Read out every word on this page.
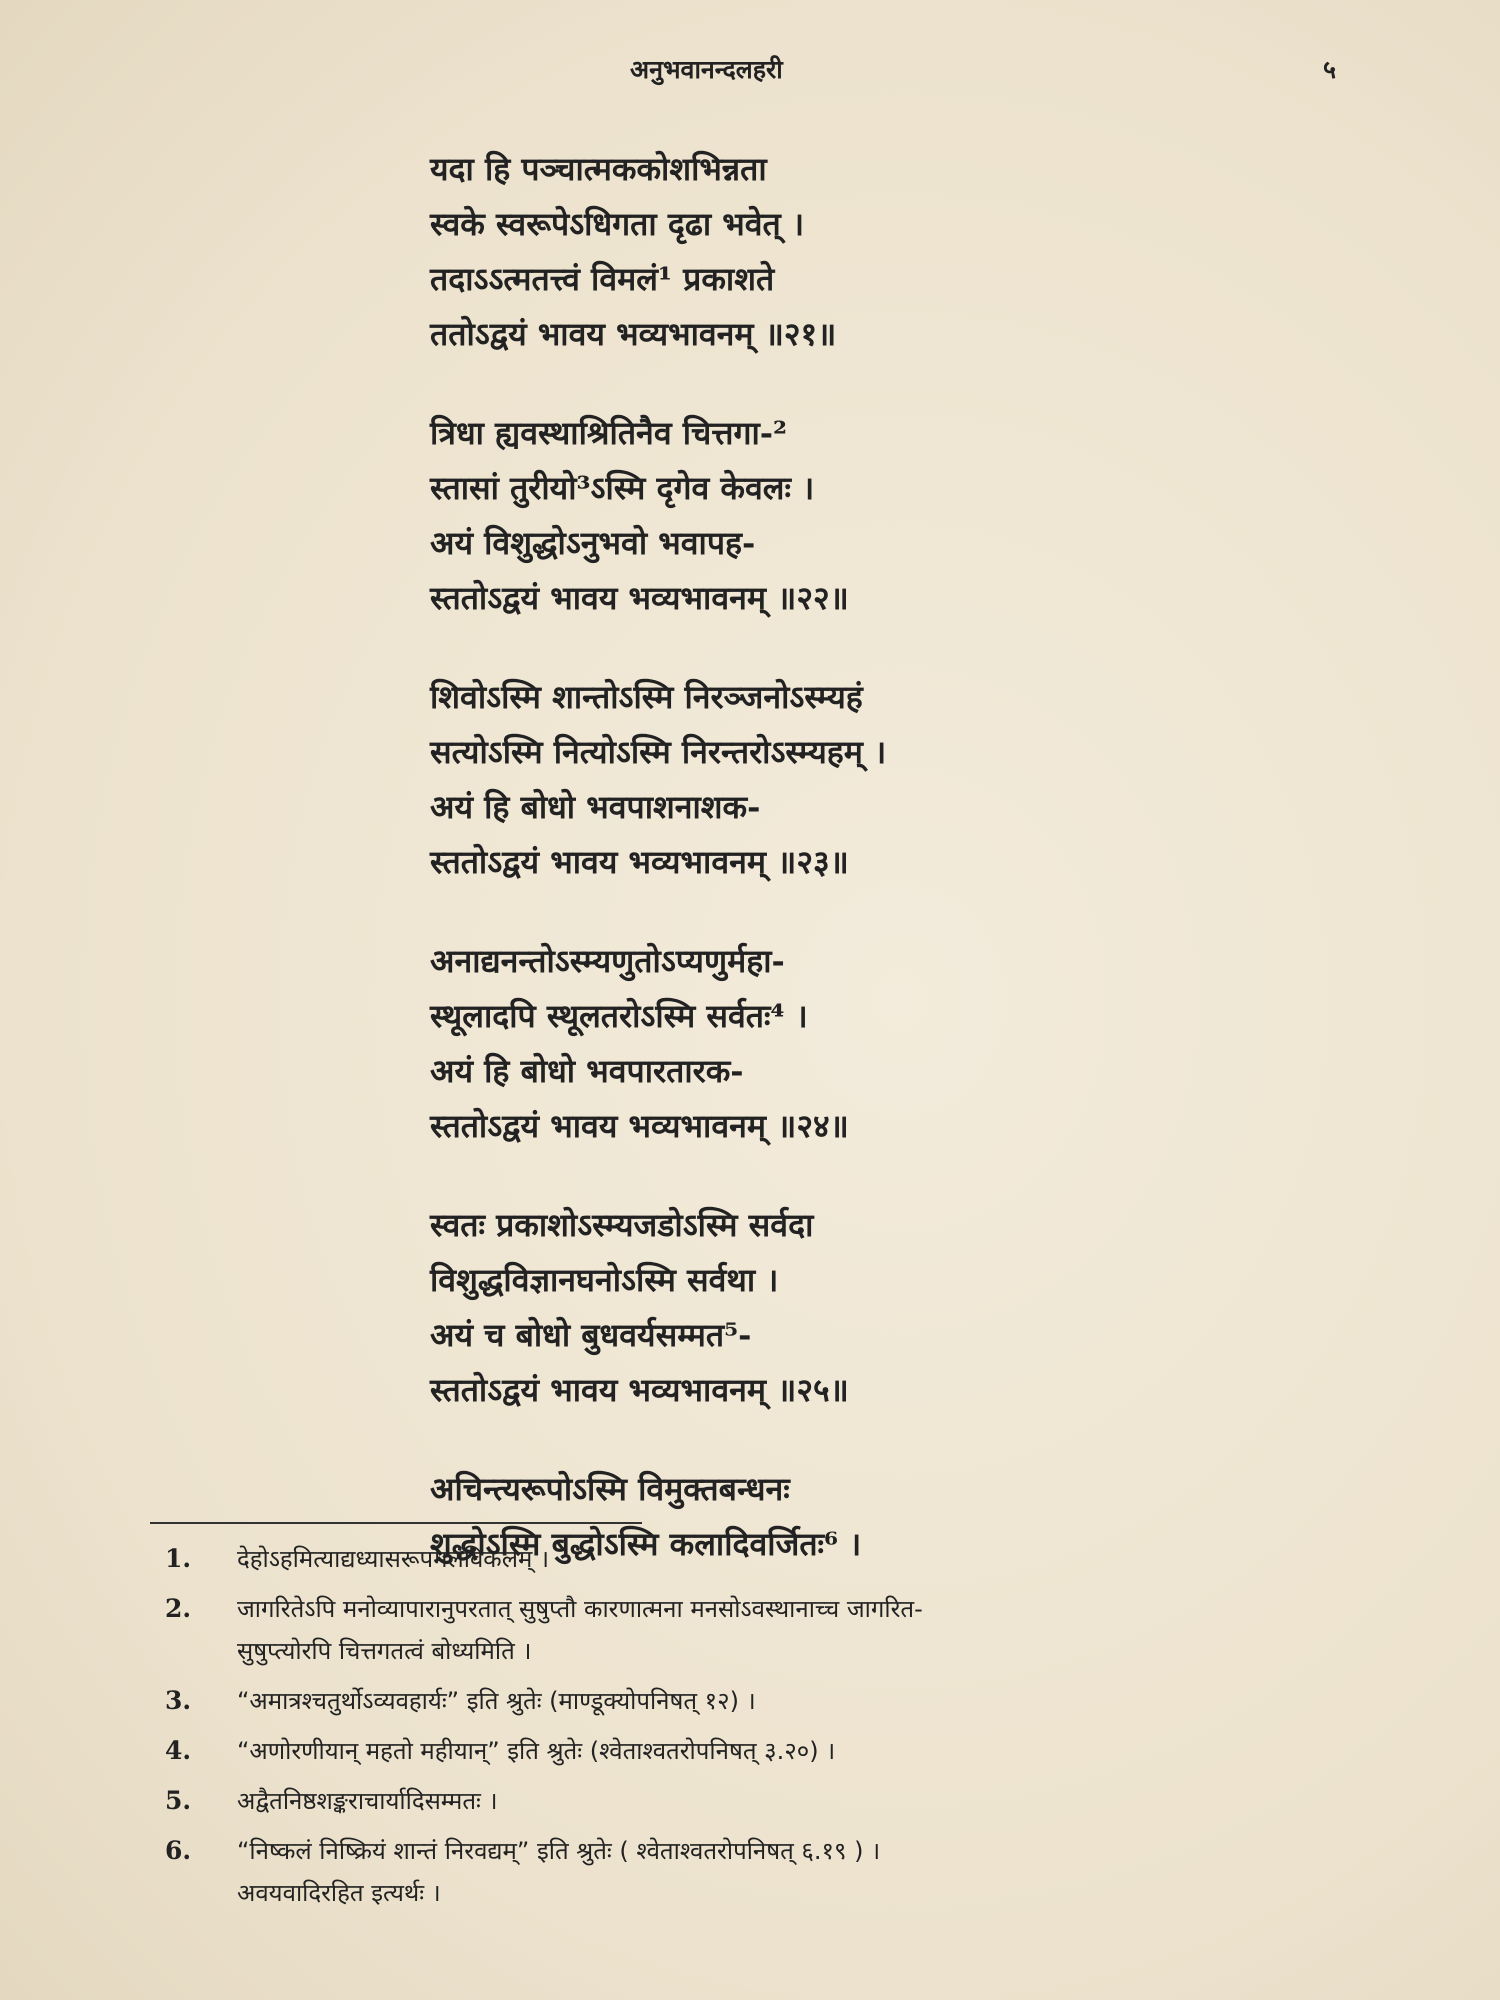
अनुभवानन्दलहरी	५
यदा हि पञ्चात्मककोशभिन्नता
स्वके स्वरूपेऽधिगता दृढा भवेत् ।
तदाऽऽत्मतत्त्वं विमलं¹ प्रकाशते
ततोऽद्वयं भावय भव्यभावनम् ॥२१॥
त्रिधा ह्यवस्थाश्रितिनैव चित्तगा-²
स्तासां तुरीयो³ऽस्मि दृगेव केवलः ।
अयं विशुद्धोऽनुभवो भवापह-
स्ततोऽद्वयं भावय भव्यभावनम् ॥२२॥
शिवोऽस्मि शान्तोऽस्मि निरञ्जनोऽस्म्यहं
सत्योऽस्मि नित्योऽस्मि निरन्तरोऽस्म्यहम् ।
अयं हि बोधो भवपाशनाशक-
स्ततोऽद्वयं भावय भव्यभावनम् ॥२३॥
अनाद्यनन्तोऽस्म्यणुतोऽप्यणुर्महा-
स्थूलादपि स्थूलतरोऽस्मि सर्वतः⁴ ।
अयं हि बोधो भवपारतारक-
स्ततोऽद्वयं भावय भव्यभावनम् ॥२४॥
स्वतः प्रकाशोऽस्म्यजडोऽस्मि सर्वदा
विशुद्धविज्ञानघनोऽस्मि सर्वथा ।
अयं च बोधो बुधवर्यसम्मत⁵-
स्ततोऽद्वयं भावय भव्यभावनम् ॥२५॥
अचिन्त्यरूपोऽस्मि विमुक्तबन्धनः
शुद्धोऽस्मि बुद्धोऽस्मि कलादिवर्जितः⁶ ।
1.	देहोऽहमित्याद्यध्यासरूपमलविकलम् ।
2.	जागरितेऽपि मनोव्यापारानुपरतात् सुषुप्तौ कारणात्मना मनसोऽवस्थानाच्च जागरित-
सुषुप्त्योरपि चित्तगतत्वं बोध्यमिति ।
3.	“अमात्रश्चतुर्थोऽव्यवहार्यः” इति श्रुतेः (माण्डूक्योपनिषत् १२) ।
4.	“अणोरणीयान् महतो महीयान्” इति श्रुतेः (श्वेताश्वतरोपनिषत् ३.२०) ।
5.	अद्वैतनिष्ठशङ्कराचार्यादिसम्मतः ।
6.	“निष्कलं निष्क्रियं शान्तं निरवद्यम्” इति श्रुतेः ( श्वेताश्वतरोपनिषत् ६.१९ ) ।
अवयवादिरहित इत्यर्थः ।
